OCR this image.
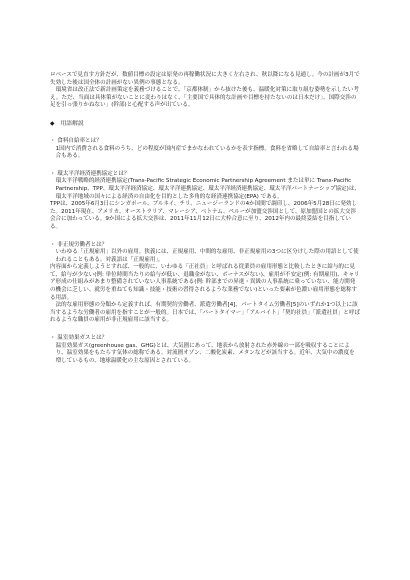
ロベースで見直す方針だが、数値目標の設定は原発の再稼働状況に大きく左右され、秋以降になる見通し。今の計画が3月で失効した後は国全体の計画がない異例の事態となる。

環境省は改正法で新計画策定を義務づけることで、「京都体制」から抜けた後も、温暖化対策に取り組む姿勢を示したい考え。ただ、当面は具体策がないことに変わりはなく、「主要国で具体的な計画や目標を持たないのは日本だけ」、国際交渉の足を引っ張りかねない」(幹部)と心配する声が出ている。

◆ 用語解説

・ 食料自給率とは？

1国内で消費される食料のうち、どの程度が国内産でまかなわれているかを表す指標。食料を省略して自給率と言われる場合もある。

・ 環太平洋経済連携協定とは？

環太平洋戦略的経済連携協定(Trans-Pacific Strategic Economic Partnership Agreement または単に Trans-Pacific Partnership、TPP、環太平洋経済協定、環太平洋連携協定、環太平洋経済連携協定、環太平洋パートナーシップ協定)は、環太平洋地域の国々による経済の自由化を目的とした多角的な経済連携協定(EPA) である。

TPPは、2005年6月3日にシンガポール、ブルネイ、チリ、ニュージーランドの4か国間で調印し、2006年5月28日に発効した。2011年現在、アメリカ、オーストラリア、マレーシア、ベトナム、ペルーが加盟交渉国として、原加盟国との拡大交渉会合に加わっている。9か国による拡大交渉は、2011年11月12日に大枠合意に至り、2012年内の最終妥結を目指している。

・ 非正規労働者とは？

いわゆる「正規雇用」以外の雇用。狭義には、正規雇用、中間的な雇用、非正規雇用の3つに区分けした際の用語として使われることもある。対義語は「正規雇用」。

内容面から定義しようとすれば、一般的に、いわゆる「正社員」と呼ばれる従業員の雇用形態と比較したときに給与的に見て、給与が少ない(例: 単位時間当たりの給与が低い、退職金がない、ボーナスがない)、雇用が不安定(例: 有期雇用)、キャリア形成の仕組みがあまり整備されていない人事系統である(例: 幹部までの昇進・異級の人事系統に乗っていない、能力開発の機会に乏しい、就労を重ねても知識・技能・技術の習得されるような業務でない)といった要素が色濃い雇用形態を総称する用語。

法的な雇用形態の分類から定義すれば、有期契約労働者、派遣労働者[4]、パートタイム労働者[5]のいずれか1つ以上に該当するような労働者の雇用を指すことが一般的。日本では、「パートタイマー」「アルバイト」「契約社員」「派遣社員」と呼ばれるような職員の雇用が非正規雇用に該当する。

・ 温室効果ガスとは？

温室効果ガス(greenhouse gas、GHG)とは、大気圏にあって、地表から放射された赤外線の一部を吸収することにより、温室効果をもたらす気体の総称である。対流圏オゾン、二酸化炭素、メタンなどが該当する。近年、大気中の濃度を増しているもの、地球温暖化の主な原因とされている。
